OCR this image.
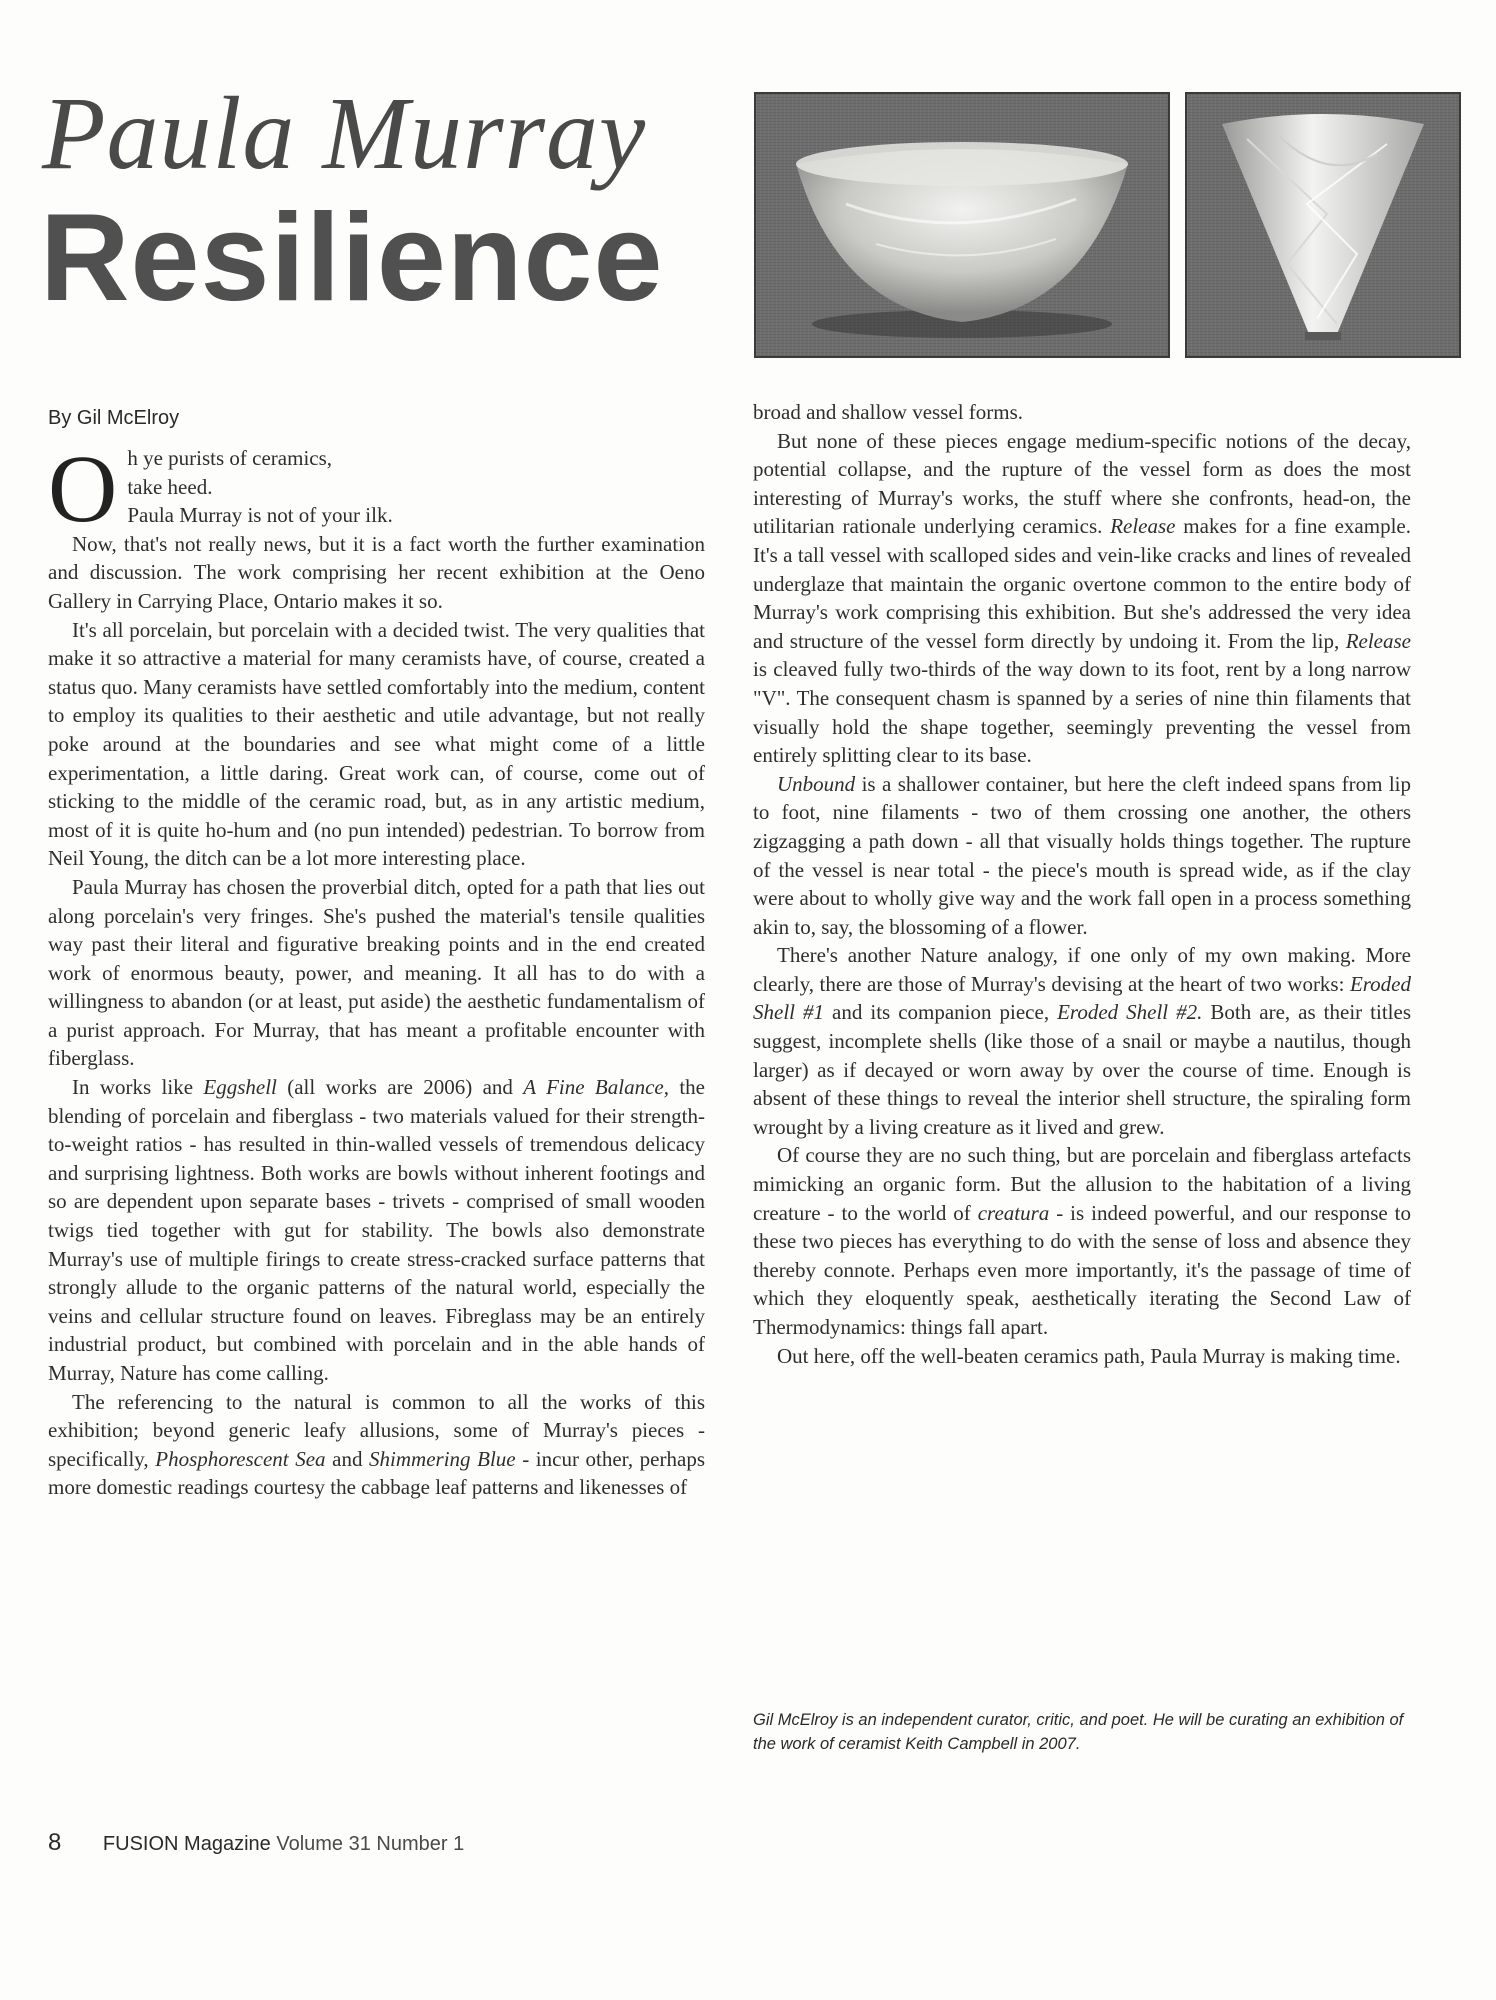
Paula Murray
Resilience
By Gil McElroy

O h ye purists of ceramics,
take heed.
Paula Murray is not of your ilk.

Now, that's not really news, but it is a fact worth the further examination and discussion. The work comprising her recent exhibition at the Oeno Gallery in Carrying Place, Ontario makes it so.

It's all porcelain, but porcelain with a decided twist. The very qualities that make it so attractive a material for many ceramists have, of course, created a status quo. Many ceramists have settled comfortably into the medium, content to employ its qualities to their aesthetic and utile advantage, but not really poke around at the boundaries and see what might come of a little experimentation, a little daring. Great work can, of course, come out of sticking to the middle of the ceramic road, but, as in any artistic medium, most of it is quite ho-hum and (no pun intended) pedestrian. To borrow from Neil Young, the ditch can be a lot more interesting place.

Paula Murray has chosen the proverbial ditch, opted for a path that lies out along porcelain's very fringes. She's pushed the material's tensile qualities way past their literal and figurative breaking points and in the end created work of enormous beauty, power, and meaning. It all has to do with a willingness to abandon (or at least, put aside) the aesthetic fundamentalism of a purist approach. For Murray, that has meant a profitable encounter with fiberglass.

In works like Eggshell (all works are 2006) and A Fine Balance, the blending of porcelain and fiberglass - two materials valued for their strength-to-weight ratios - has resulted in thin-walled vessels of tremendous delicacy and surprising lightness. Both works are bowls without inherent footings and so are dependent upon separate bases - trivets - comprised of small wooden twigs tied together with gut for stability. The bowls also demonstrate Murray's use of multiple firings to create stress-cracked surface patterns that strongly allude to the organic patterns of the natural world, especially the veins and cellular structure found on leaves. Fibreglass may be an entirely industrial product, but combined with porcelain and in the able hands of Murray, Nature has come calling.

The referencing to the natural is common to all the works of this exhibition; beyond generic leafy allusions, some of Murray's pieces - specifically, Phosphorescent Sea and Shimmering Blue - incur other, perhaps more domestic readings courtesy the cabbage leaf patterns and likenesses of

broad and shallow vessel forms.

But none of these pieces engage medium-specific notions of the decay, potential collapse, and the rupture of the vessel form as does the most interesting of Murray's works, the stuff where she confronts, head-on, the utilitarian rationale underlying ceramics. Release makes for a fine example. It's a tall vessel with scalloped sides and vein-like cracks and lines of revealed underglaze that maintain the organic overtone common to the entire body of Murray's work comprising this exhibition. But she's addressed the very idea and structure of the vessel form directly by undoing it. From the lip, Release is cleaved fully two-thirds of the way down to its foot, rent by a long narrow "V". The consequent chasm is spanned by a series of nine thin filaments that visually hold the shape together, seemingly preventing the vessel from entirely splitting clear to its base.

Unbound is a shallower container, but here the cleft indeed spans from lip to foot, nine filaments - two of them crossing one another, the others zigzagging a path down - all that visually holds things together. The rupture of the vessel is near total - the piece's mouth is spread wide, as if the clay were about to wholly give way and the work fall open in a process something akin to, say, the blossoming of a flower.

There's another Nature analogy, if one only of my own making. More clearly, there are those of Murray's devising at the heart of two works: Eroded Shell #1 and its companion piece, Eroded Shell #2. Both are, as their titles suggest, incomplete shells (like those of a snail or maybe a nautilus, though larger) as if decayed or worn away by over the course of time. Enough is absent of these things to reveal the interior shell structure, the spiraling form wrought by a living creature as it lived and grew.

Of course they are no such thing, but are porcelain and fiberglass artefacts mimicking an organic form. But the allusion to the habitation of a living creature - to the world of creatura - is indeed powerful, and our response to these two pieces has everything to do with the sense of loss and absence they thereby connote. Perhaps even more importantly, it's the passage of time of which they eloquently speak, aesthetically iterating the Second Law of Thermodynamics: things fall apart.

Out here, off the well-beaten ceramics path, Paula Murray is making time.

Gil McElroy is an independent curator, critic, and poet. He will be curating an exhibition of the work of ceramist Keith Campbell in 2007.
8 FUSION Magazine Volume 31 Number 1
